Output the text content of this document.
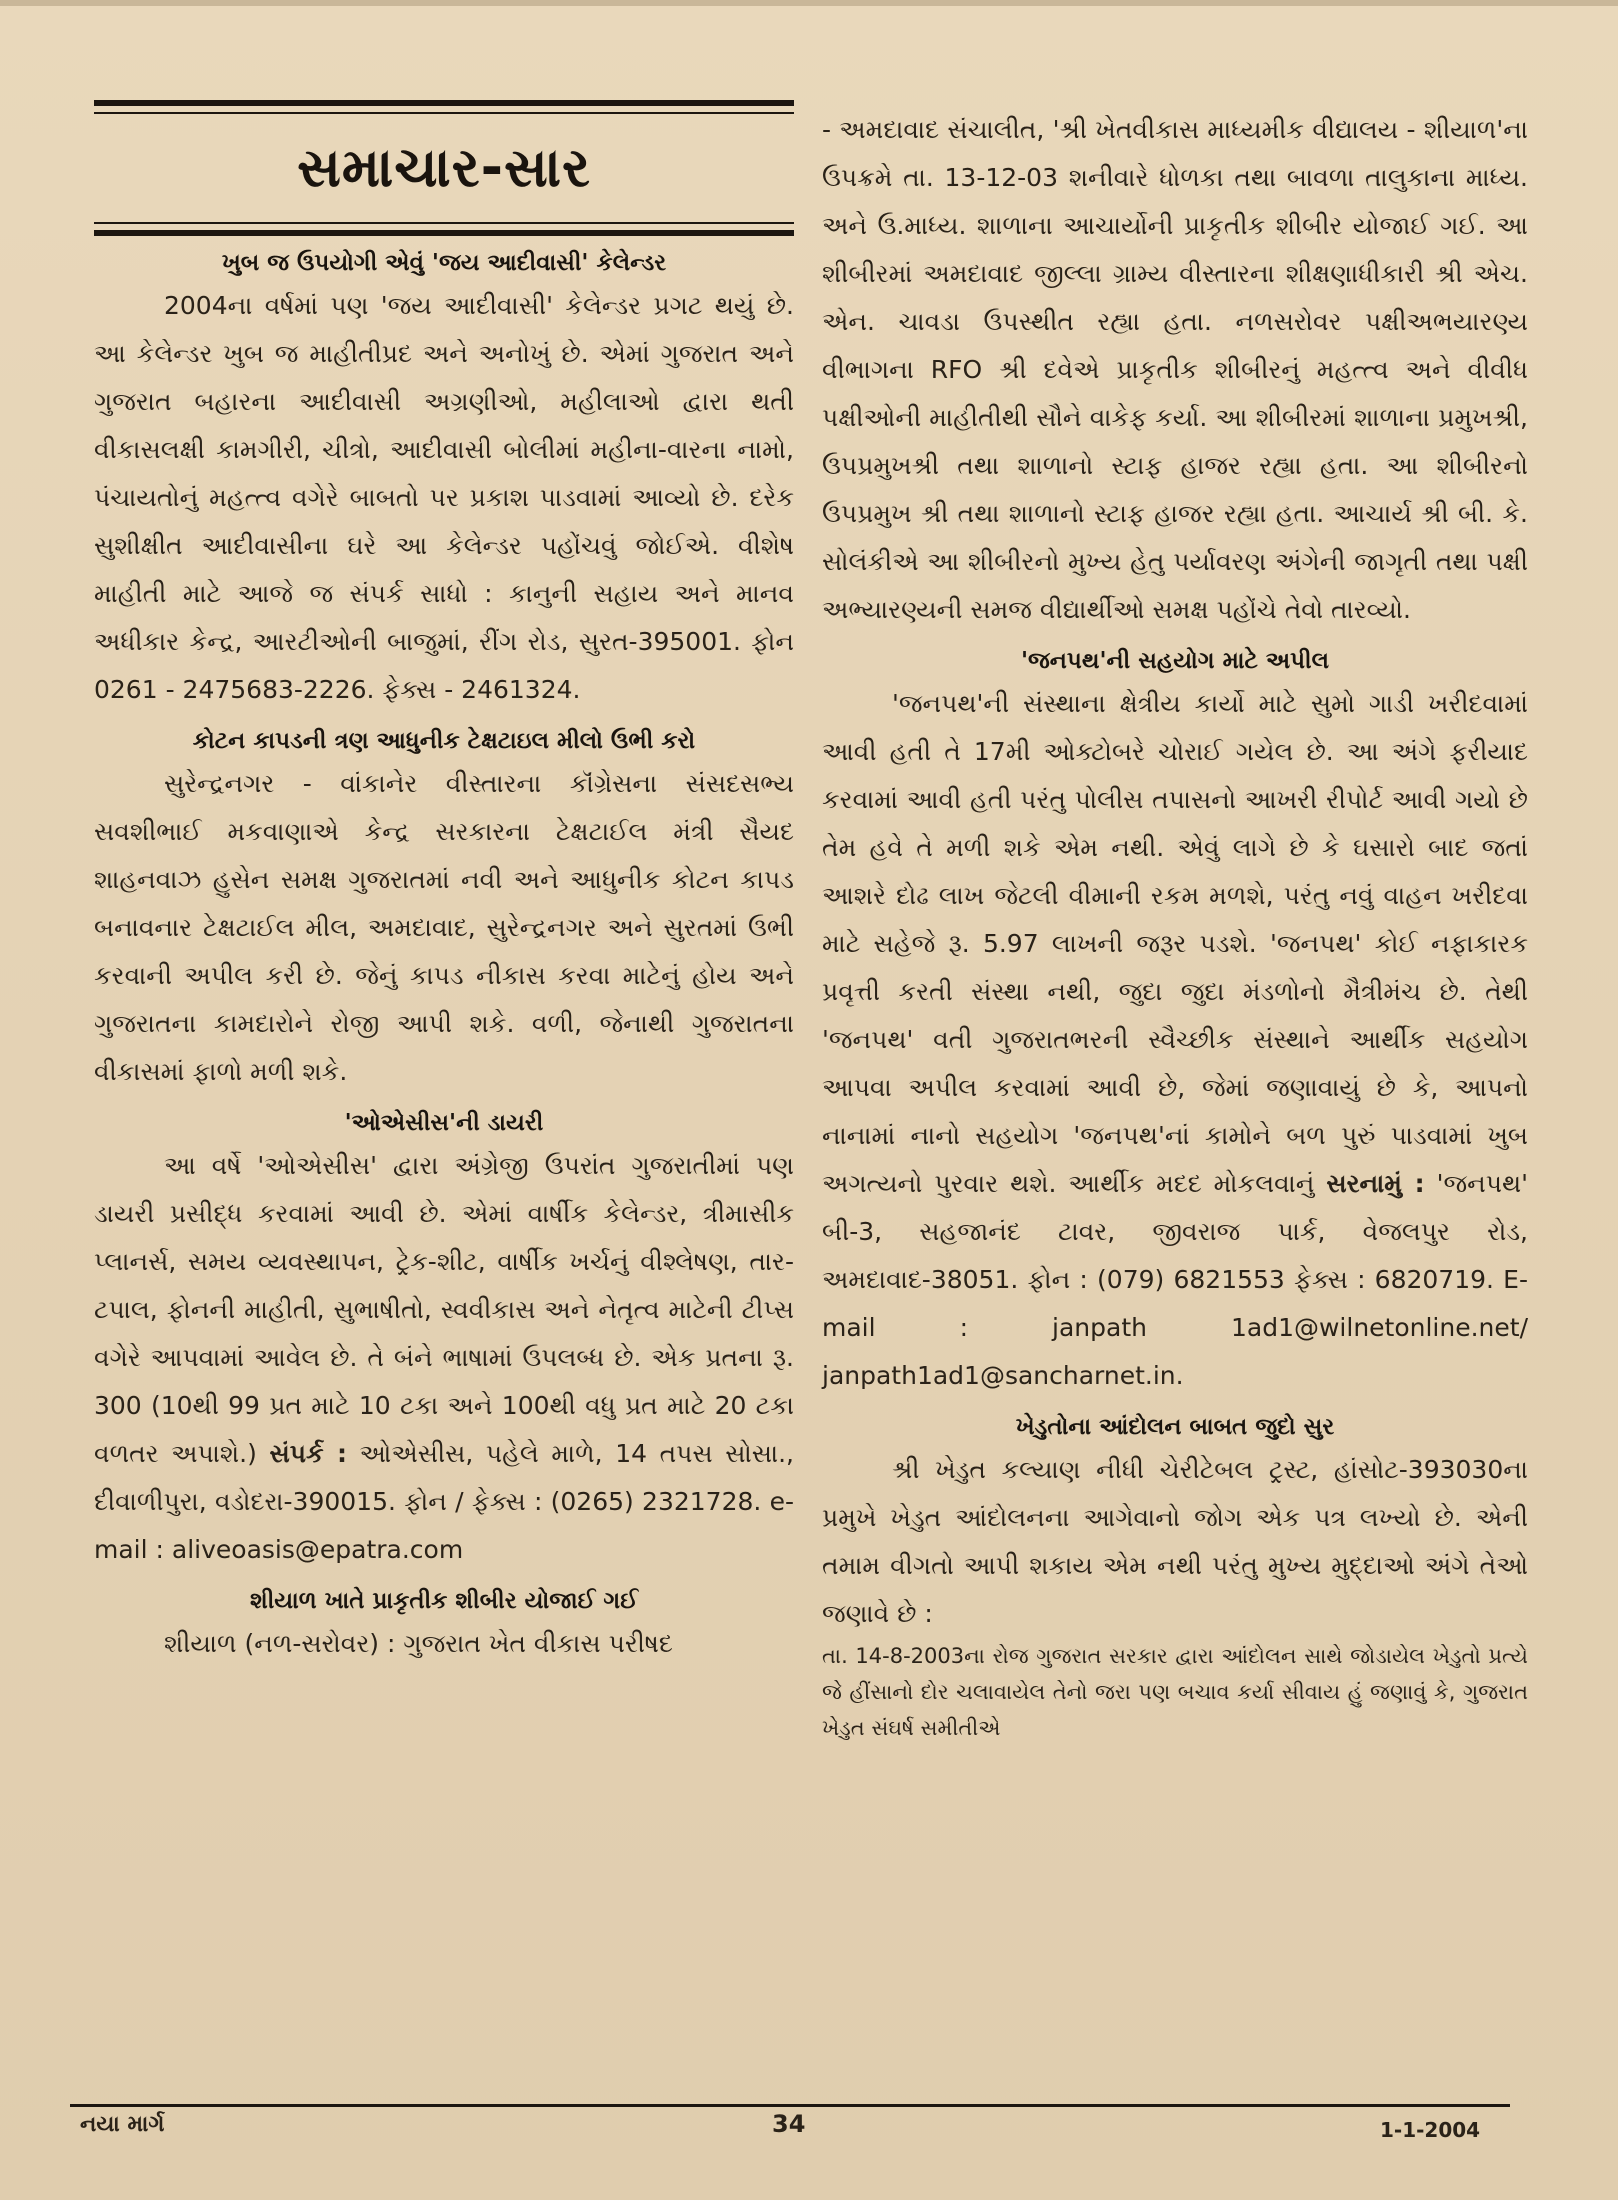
સમાચાર-સાર
ખુબ જ ઉપયોગી એવું 'જય આદીવાસી' કેલેન્ડર

2004ના વર્ષમાં પણ 'જય આદીવાસી' કેલેન્ડર પ્રગટ થયું છે. આ કેલેન્ડર ખુબ જ માહીતીપ્રદ અને અનોખું છે. એમાં ગુજરાત અને ગુજરાત બહારના આદીવાસી અગ્રણીઓ, મહીલાઓ દ્વારા થતી વીકાસલક્ષી કામગીરી, ચીત્રો, આદીવાસી બોલીમાં મહીના-વારના નામો, પંચાયતોનું મહત્ત્વ વગેરે બાબતો પર પ્રકાશ પાડવામાં આવ્યો છે. દરેક સુશીક્ષીત આદીવાસીના ઘરે આ કેલેન્ડર પહોંચવું જોઈએ. વીશેષ માહીતી માટે આજે જ સંપર્ક સાધો : કાનુની સહાય અને માનવ અધીકાર કેન્દ્ર, આરટીઓની બાજુમાં, રીંગ રોડ, સુરત-395001. ફોન 0261 - 2475683-2226. ફેક્સ - 2461324.

કોટન કાપડની ત્રણ આધુનીક ટેક્ષટાઇલ મીલો ઉભી કરો

સુરેન્દ્રનગર - વાંકાનેર વીસ્તારના કૉંગ્રેસના સંસદસભ્ય સવશીભાઈ મકવાણાએ કેન્દ્ર સરકારના ટેક્ષટાઈલ મંત્રી સૈયદ શાહનવાઝ હુસેન સમક્ષ ગુજરાતમાં નવી અને આધુનીક કોટન કાપડ બનાવનાર ટેક્ષટાઈલ મીલ, અમદાવાદ, સુરેન્દ્રનગર અને સુરતમાં ઉભી કરવાની અપીલ કરી છે. જેનું કાપડ નીકાસ કરવા માટેનું હોય અને ગુજરાતના કામદારોને રોજી આપી શકે. વળી, જેનાથી ગુજરાતના વીકાસમાં ફાળો મળી શકે.

'ઓએસીસ'ની ડાયરી

આ વર્ષે 'ઓએસીસ' દ્વારા અંગ્રેજી ઉપરાંત ગુજરાતીમાં પણ ડાયરી પ્રસીદ્ધ કરવામાં આવી છે. એમાં વાર્ષીક કેલેન્ડર, ત્રીમાસીક પ્લાનર્સ, સમય વ્યવસ્થાપન, ટ્રેક-શીટ, વાર્ષીક ખર્ચનું વીશ્લેષણ, તાર-ટપાલ, ફોનની માહીતી, સુભાષીતો, સ્વવીકાસ અને નેતૃત્વ માટેની ટીપ્સ વગેરે આપવામાં આવેલ છે. તે બંને ભાષામાં ઉપલબ્ધ છે. એક પ્રતના રૂ. 300 (10થી 99 પ્રત માટે 10 ટકા અને 100થી વધુ પ્રત માટે 20 ટકા વળતર અપાશે.) સંપર્ક : ઓએસીસ, પહેલે માળે, 14 તપસ સોસા., દીવાળીપુરા, વડોદરા-390015. ફોન / ફેક્સ : (0265) 2321728. e-mail : aliveoasis@epatra.com

શીયાળ ખાતે પ્રાકૃતીક શીબીર યોજાઈ ગઈ

શીયાળ (નળ-સરોવર) : ગુજરાત ખેત વીકાસ પરીષદ

- અમદાવાદ સંચાલીત, 'શ્રી ખેતવીકાસ માધ્યમીક વીદ્યાલય - શીયાળ'ના ઉપક્રમે તા. 13-12-03 શનીવારે ધોળકા તથા બાવળા તાલુકાના માધ્ય. અને ઉ.માધ્ય. શાળાના આચાર્યોની પ્રાકૃતીક શીબીર યોજાઈ ગઈ. આ શીબીરમાં અમદાવાદ જીલ્લા ગ્રામ્ય વીસ્તારના શીક્ષણાધીકારી શ્રી એચ. એન. ચાવડા ઉપસ્થીત રહ્યા હતા. નળસરોવર પક્ષીઅભયારણ્ય વીભાગના RFO શ્રી દવેએ પ્રાકૃતીક શીબીરનું મહત્ત્વ અને વીવીધ પક્ષીઓની માહીતીથી સૌને વાકેફ કર્યા. આ શીબીરમાં શાળાના પ્રમુખશ્રી, ઉપપ્રમુખશ્રી તથા શાળાનો સ્ટાફ હાજર રહ્યા હતા. આ શીબીરનો ઉપપ્રમુખ શ્રી તથા શાળાનો સ્ટાફ હાજર રહ્યા હતા. આચાર્ય શ્રી બી. કે. સોલંકીએ આ શીબીરનો મુખ્ય હેતુ પર્યાવરણ અંગેની જાગૃતી તથા પક્ષી અભ્યારણ્યની સમજ વીદ્યાર્થીઓ સમક્ષ પહોંચે તેવો તારવ્યો.

'જનપથ'ની સહયોગ માટે અપીલ

'જનપથ'ની સંસ્થાના ક્ષેત્રીય કાર્યો માટે સુમો ગાડી ખરીદવામાં આવી હતી તે 17મી ઓક્ટોબરે ચોરાઈ ગયેલ છે. આ અંગે ફરીયાદ કરવામાં આવી હતી પરંતુ પોલીસ તપાસનો આખરી રીપોર્ટ આવી ગયો છે તેમ હવે તે મળી શકે એમ નથી. એવું લાગે છે કે ઘસારો બાદ જતાં આશરે દોઢ લાખ જેટલી વીમાની રકમ મળશે, પરંતુ નવું વાહન ખરીદવા માટે સહેજે રૂ. 5.97 લાખની જરૂર પડશે. 'જનપથ' કોઈ નફાકારક પ્રવૃત્તી કરતી સંસ્થા નથી, જુદા જુદા મંડળોનો મૈત્રીમંચ છે. તેથી 'જનપથ' વતી ગુજરાતભરની સ્વૈચ્છીક સંસ્થાને આર્થીક સહયોગ આપવા અપીલ કરવામાં આવી છે, જેમાં જણાવાયું છે કે, આપનો નાનામાં નાનો સહયોગ 'જનપથ'નાં કામોને બળ પુરું પાડવામાં ખુબ અગત્યનો પુરવાર થશે. આર્થીક મદદ મોકલવાનું સરનામું : 'જનપથ' બી-3, સહજાનંદ ટાવર, જીવરાજ પાર્ક, વેજલપુર રોડ, અમદાવાદ-38051. ફોન : (079) 6821553 ફેક્સ : 6820719. E- mail : janpath 1ad1@wilnetonline.net/ janpath1ad1@sancharnet.in.

ખેડુતોના આંદોલન બાબત જુદો સુર

શ્રી ખેડુત કલ્યાણ નીધી ચેરીટેબલ ટ્રસ્ટ, હાંસોટ-393030ના પ્રમુખે ખેડુત આંદોલનના આગેવાનો જોગ એક પત્ર લખ્યો છે. એની તમામ વીગતો આપી શકાય એમ નથી પરંતુ મુખ્ય મુદ્દાઓ અંગે તેઓ જણાવે છે :

તા. 14-8-2003ના રોજ ગુજરાત સરકાર દ્વારા આંદોલન સાથે જોડાયેલ ખેડુતો પ્રત્યે જે હીંસાનો દોર ચલાવાયેલ તેનો જરા પણ બચાવ કર્યા સીવાય હું જણાવું કે, ગુજરાત ખેડુત સંઘર્ષ સમીતીએ

નયા માર્ગ	34	1-1-2004
